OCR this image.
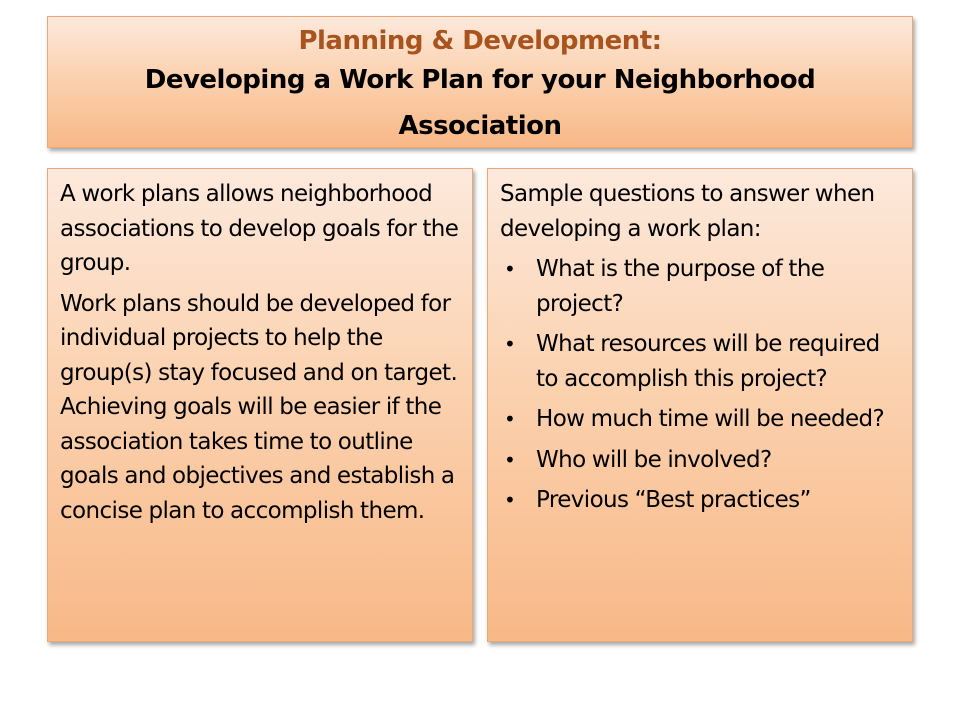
Planning & Development:
Developing a Work Plan for your Neighborhood Association

A work plans allows neighborhood associations to develop goals for the group.

Work plans should be developed for individual projects to help the group(s) stay focused and on target. Achieving goals will be easier if the association takes time to outline goals and objectives and establish a concise plan to accomplish them.

Sample questions to answer when developing a work plan:

• What is the purpose of the project?
• What resources will be required to accomplish this project?
• How much time will be needed?
• Who will be involved?
• Previous “Best practices”
